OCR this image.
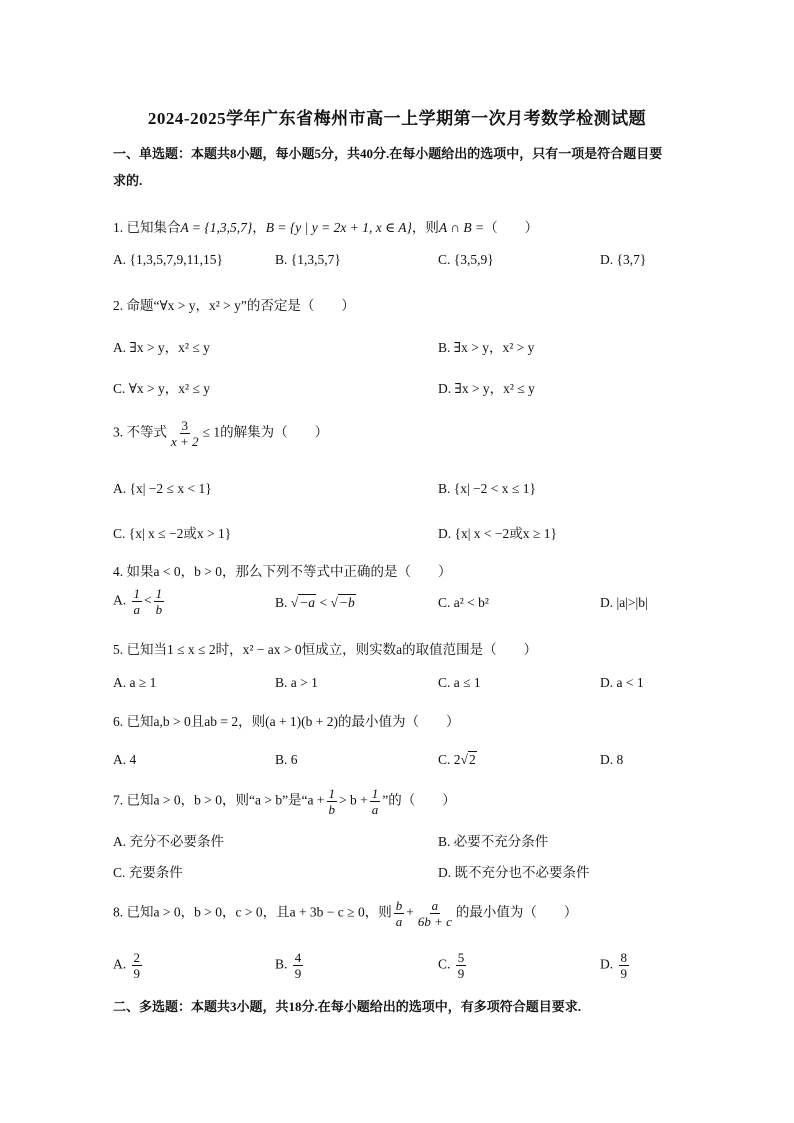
2024-2025学年广东省梅州市高一上学期第一次月考数学检测试题
一、单选题：本题共8小题，每小题5分，共40分.在每小题给出的选项中，只有一项是符合题目要求的.
1. 已知集合A = {1,3,5,7}，B = {y | y = 2x + 1, x ∈ A}，则A ∩ B =（　　）
A. {1,3,5,7,9,11,15}	B. {1,3,5,7}	C. {3,5,9}	D. {3,7}
2. 命题“∀x > y，x² > y”的否定是（　　）
A. ∃x > y，x² ≤ y	B. ∃x > y，x² > y
C. ∀x > y，x² ≤ y	D. ∃x > y，x² ≤ y
3. 不等式 $\frac{3}{x + 2} \le 1$的解集为（　　）
A. {x| −2 ≤ x < 1}	B. {x| −2 < x ≤ 1}
C. {x| x ≤ −2或x > 1}	D. {x| x < −2或x ≥ 1}
4. 如果a < 0，b > 0，那么下列不等式中正确的是（　　）
A. $\frac{1}{a} < \frac{1}{b}$	B. √−a < √−b	C. a² < b²	D. |a|>|b|
5. 已知当1 ≤ x ≤ 2时，x² − ax > 0恒成立，则实数a的取值范围是（　　）
A. a ≥ 1	B. a > 1	C. a ≤ 1	D. a < 1
6. 已知a,b > 0且ab = 2，则(a + 1)(b + 2)的最小值为（　　）
A. 4	B. 6	C. 2√2	D. 8
7. 已知a > 0，b > 0，则“a > b”是“$a + \frac{1}{b} > b + \frac{1}{a}$ ”的（　　）
A. 充分不必要条件	B. 必要不充分条件
C. 充要条件	D. 既不充分也不必要条件
8. 已知a > 0，b > 0，c > 0，且a + 3b − c ≥ 0，则 $\frac{b}{a} + \frac{a}{6b + c}$ 的最小值为（　　）
A. $\frac{2}{9}$	B. $\frac{4}{9}$	C. $\frac{5}{9}$	D. $\frac{8}{9}$
二、多选题：本题共3小题，共18分.在每小题给出的选项中，有多项符合题目要求.
